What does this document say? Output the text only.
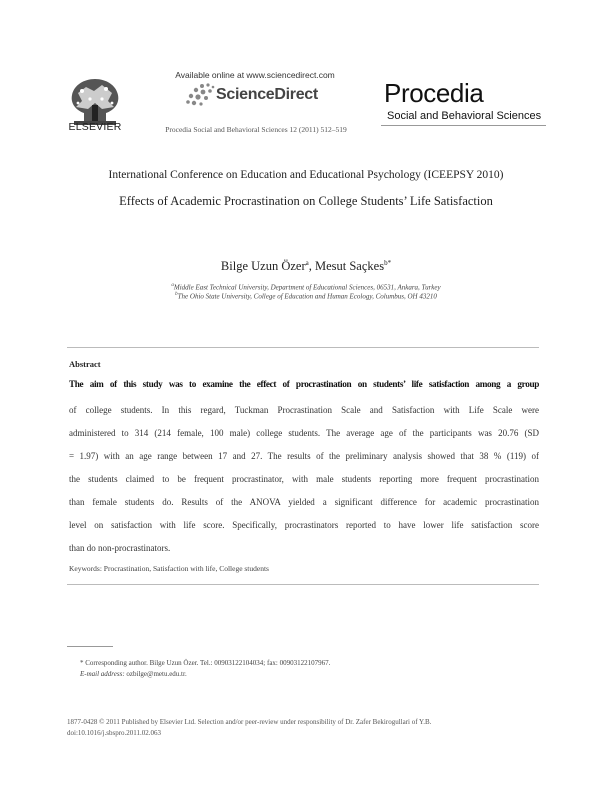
ELSEVIER
Available online at www.sciencedirect.com
ScienceDirect
Procedia Social and Behavioral Sciences 12 (2011) 512–519
Procedia
Social and Behavioral Sciences
International Conference on Education and Educational Psychology (ICEEPSY 2010)
Effects of Academic Procrastination on College Students’ Life Satisfaction
Bilge Uzun Özer$^a$, Mesut Saçkes$^{b*}$
$^a$Middle East Technical University, Department of Educational Sciences, 06531, Ankara, Turkey
$^b$The Ohio State University, College of Education and Human Ecology, Columbus, OH 43210
Abstract
The aim of this study was to examine the effect of procrastination on students’ life satisfaction among a group
of college students. In this regard, Tuckman Procrastination Scale and Satisfaction with Life Scale were
administered to 314 (214 female, 100 male) college students. The average age of the participants was 20.76 (SD
= 1.97) with an age range between 17 and 27. The results of the preliminary analysis showed that 38 % (119) of
the students claimed to be frequent procrastinator, with male students reporting more frequent procrastination
than female students do. Results of the ANOVA yielded a significant difference for academic procrastination
level on satisfaction with life score. Specifically, procrastinators reported to have lower life satisfaction score
than do non-procrastinators.
Keywords: Procrastination, Satisfaction with life, College students
* Corresponding author. Bilge Uzun Özer. Tel.: 00903122104034; fax: 00903122107967.
E-mail address: ozbilge@metu.edu.tr.
1877-0428 © 2011 Published by Elsevier Ltd. Selection and/or peer-review under responsibility of Dr. Zafer Bekirogullari of Y.B.
doi:10.1016/j.sbspro.2011.02.063
